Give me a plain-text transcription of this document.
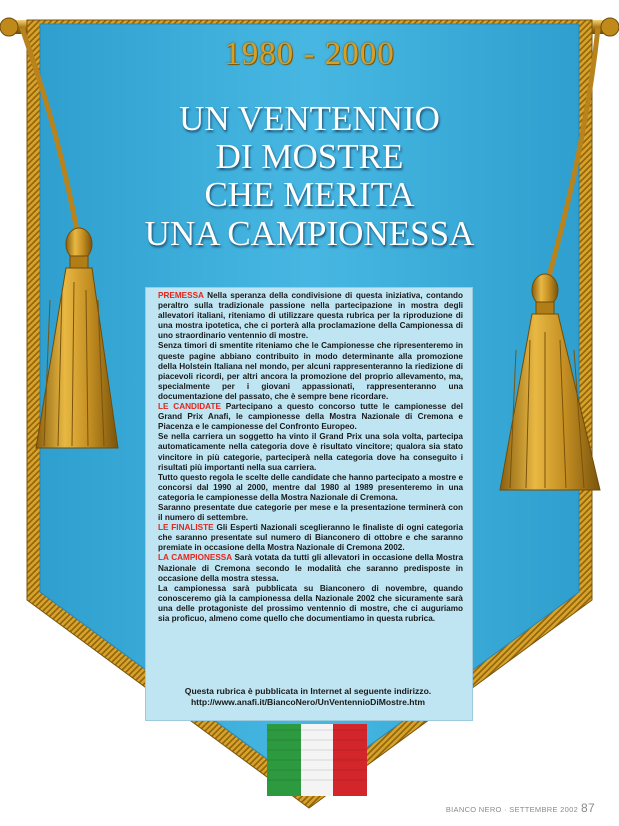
1980 - 2000
UN VENTENNIO
DI MOSTRE
CHE MERITA
UNA CAMPIONESSA

PREMESSA Nella speranza della condivisione di questa iniziativa, contando peraltro sulla tradizionale passione nella partecipazione in mostra degli allevatori italiani, riteniamo di utilizzare questa rubrica per la riproduzione di una mostra ipotetica, che ci porterà alla proclamazione della Campionessa di uno straordinario ventennio di mostre.

Senza timori di smentite riteniamo che le Campionesse che ripresenteremo in queste pagine abbiano contribuito in modo determinante alla promozione della Holstein Italiana nel mondo, per alcuni rappresenteranno la riedizione di piacevoli ricordi, per altri ancora la promozione del proprio allevamento, ma, specialmente per i giovani appassionati, rappresenteranno una documentazione del passato, che è sempre bene ricordare.

LE CANDIDATE Partecipano a questo concorso tutte le campionesse del Grand Prix Anafi, le campionesse della Mostra Nazionale di Cremona e Piacenza e le campionesse del Confronto Europeo.

Se nella carriera un soggetto ha vinto il Grand Prix una sola volta, partecipa automaticamente nella categoria dove è risultato vincitore; qualora sia stato vincitore in più categorie, parteciperà nella categoria dove ha conseguito i risultati più importanti nella sua carriera.

Tutto questo regola le scelte delle candidate che hanno partecipato a mostre e concorsi dal 1990 al 2000, mentre dal 1980 al 1989 presenteremo in una categoria le campionesse della Mostra Nazionale di Cremona.

Saranno presentate due categorie per mese e la presentazione terminerà con il numero di settembre.

LE FINALISTE Gli Esperti Nazionali sceglieranno le finaliste di ogni categoria che saranno presentate sul numero di Bianconero di ottobre e che saranno premiate in occasione della Mostra Nazionale di Cremona 2002.

LA CAMPIONESSA Sarà votata da tutti gli allevatori in occasione della Mostra Nazionale di Cremona secondo le modalità che saranno predisposte in occasione della mostra stessa.

La campionessa sarà pubblicata su Bianconero di novembre, quando conosceremo già la campionessa della Nazionale 2002 che sicuramente sarà una delle protagoniste del prossimo ventennio di mostre, che ci auguriamo sia proficuo, almeno come quello che documentiamo in questa rubrica.

Questa rubrica è pubblicata in Internet al seguente indirizzo.
http://www.anafi.it/BiancoNero/UnVentennioDiMostre.htm
BIANCO NERO · SETTEMBRE 2002 87
